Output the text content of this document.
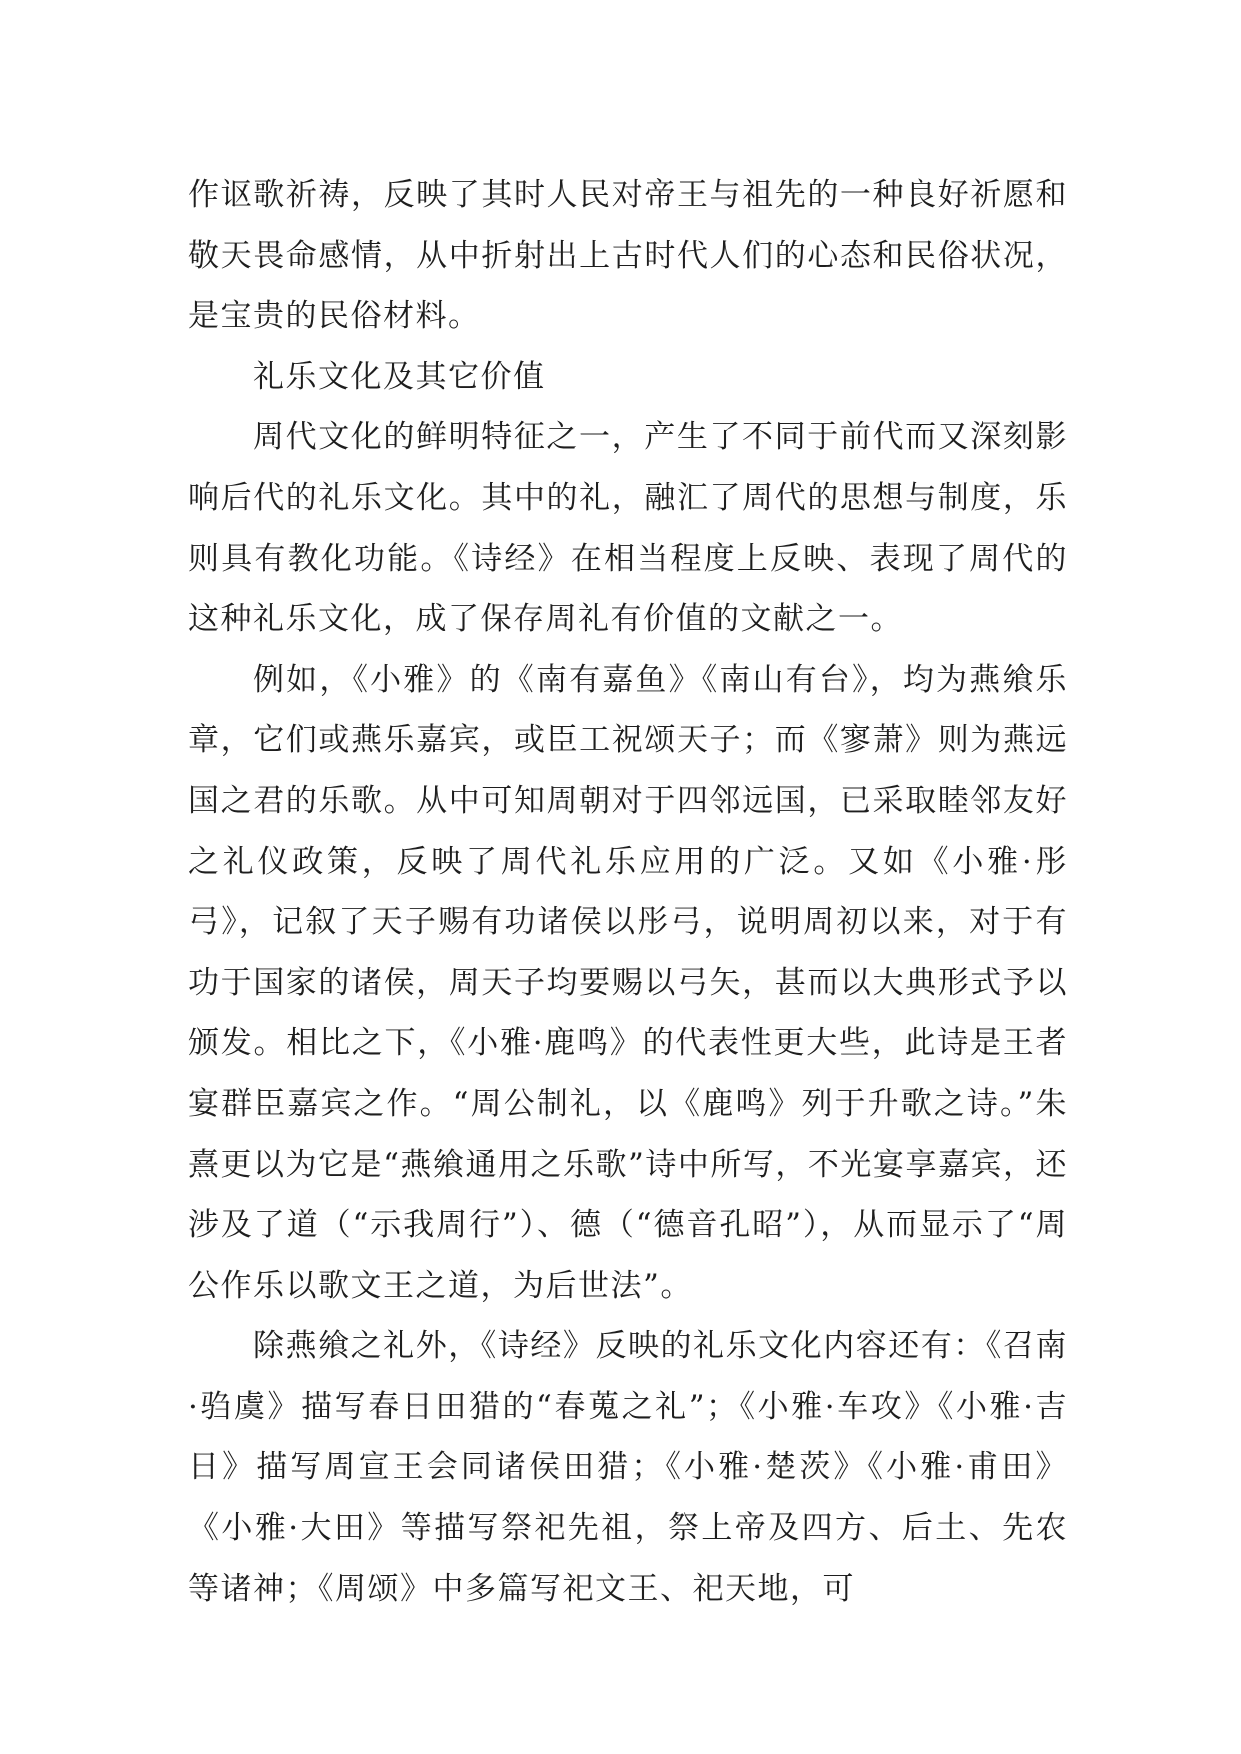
作讴歌祈祷，反映了其时人民对帝王与祖先的一种良好祈愿和敬天畏命感情，从中折射出上古时代人们的心态和民俗状况，是宝贵的民俗材料。

礼乐文化及其它价值

周代文化的鲜明特征之一，产生了不同于前代而又深刻影响后代的礼乐文化。其中的礼，融汇了周代的思想与制度，乐则具有教化功能。《诗经》在相当程度上反映、表现了周代的这种礼乐文化，成了保存周礼有价值的文献之一。

例如，《小雅》的《南有嘉鱼》《南山有台》，均为燕飨乐章，它们或燕乐嘉宾，或臣工祝颂天子；而《寥萧》则为燕远国之君的乐歌。从中可知周朝对于四邻远国，已采取睦邻友好之礼仪政策，反映了周代礼乐应用的广泛。又如《小雅·彤弓》，记叙了天子赐有功诸侯以彤弓，说明周初以来，对于有功于国家的诸侯，周天子均要赐以弓矢，甚而以大典形式予以颁发。相比之下，《小雅·鹿鸣》的代表性更大些，此诗是王者宴群臣嘉宾之作。“周公制礼，以《鹿鸣》列于升歌之诗。”朱熹更以为它是“燕飨通用之乐歌”诗中所写，不光宴享嘉宾，还涉及了道（“示我周行”）、德（“德音孔昭”），从而显示了“周公作乐以歌文王之道，为后世法”。

除燕飨之礼外，《诗经》反映的礼乐文化内容还有：《召南·驺虞》描写春日田猎的“春蒐之礼”；《小雅·车攻》《小雅·吉日》描写周宣王会同诸侯田猎；《小雅·楚茨》《小雅·甫田》《小雅·大田》等描写祭祀先祖，祭上帝及四方、后土、先农等诸神；《周颂》中多篇写祀文王、祀天地，可
